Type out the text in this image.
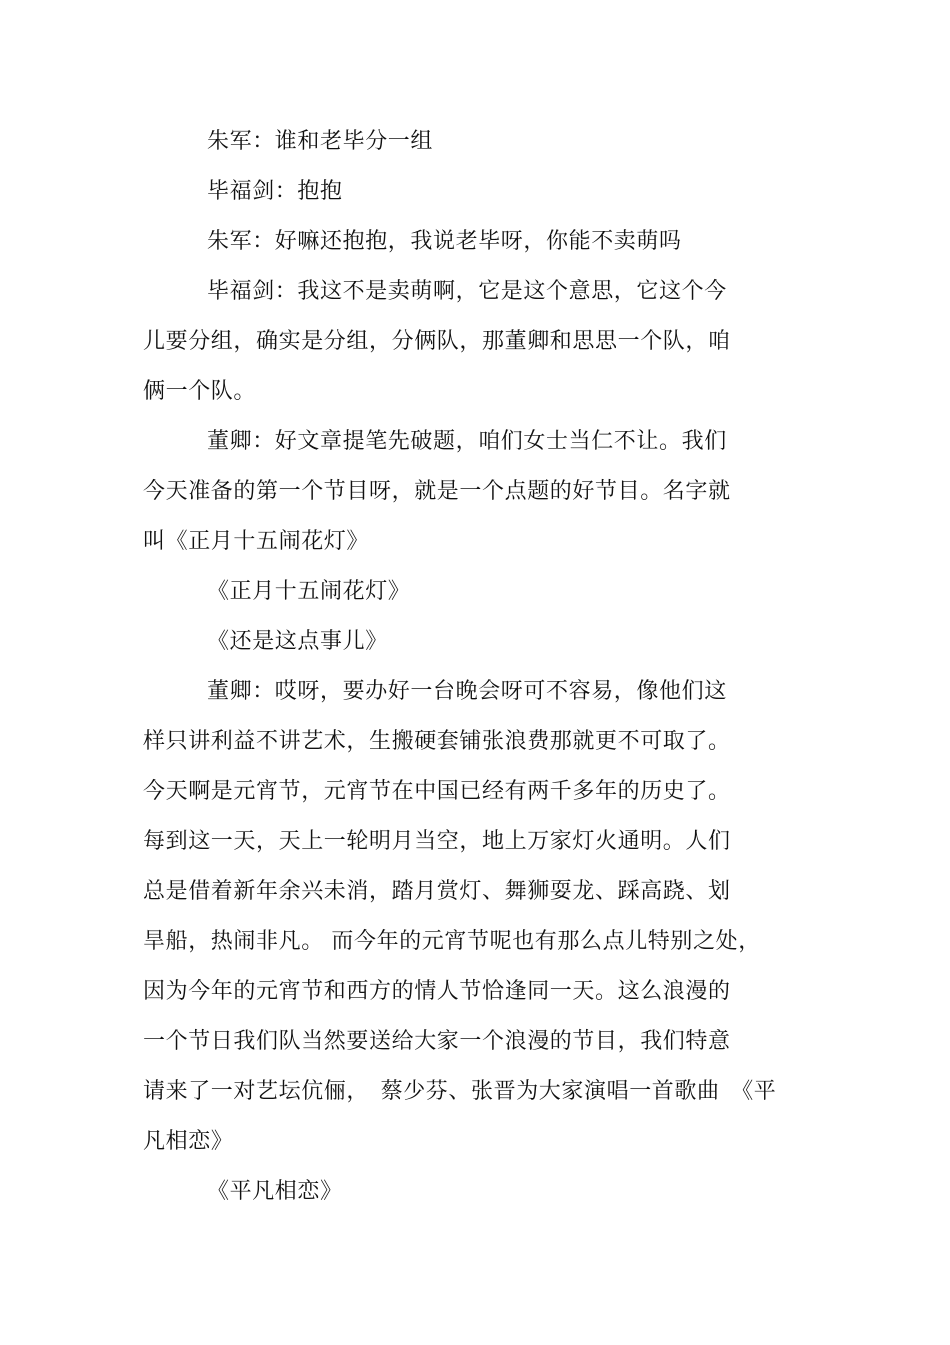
朱军：谁和老毕分一组

毕福剑：抱抱

朱军：好嘛还抱抱，我说老毕呀，你能不卖萌吗

毕福剑：我这不是卖萌啊，它是这个意思，它这个今

儿要分组，确实是分组，分俩队，那董卿和思思一个队，咱

俩一个队。

董卿：好文章提笔先破题，咱们女士当仁不让。我们

今天准备的第一个节目呀，就是一个点题的好节目。名字就

叫《正月十五闹花灯》

《正月十五闹花灯》

《还是这点事儿》

董卿：哎呀，要办好一台晚会呀可不容易，像他们这

样只讲利益不讲艺术，生搬硬套铺张浪费那就更不可取了。

今天啊是元宵节，元宵节在中国已经有两千多年的历史了。

每到这一天，天上一轮明月当空，地上万家灯火通明。人们

总是借着新年余兴未消，踏月赏灯、舞狮耍龙、踩高跷、划

旱船，热闹非凡。 而今年的元宵节呢也有那么点儿特别之处，

因为今年的元宵节和西方的情人节恰逢同一天。这么浪漫的

一个节日我们队当然要送给大家一个浪漫的节目，我们特意

请来了一对艺坛伉俪，　蔡少芬、张晋为大家演唱一首歌曲　《平

凡相恋》

《平凡相恋》
